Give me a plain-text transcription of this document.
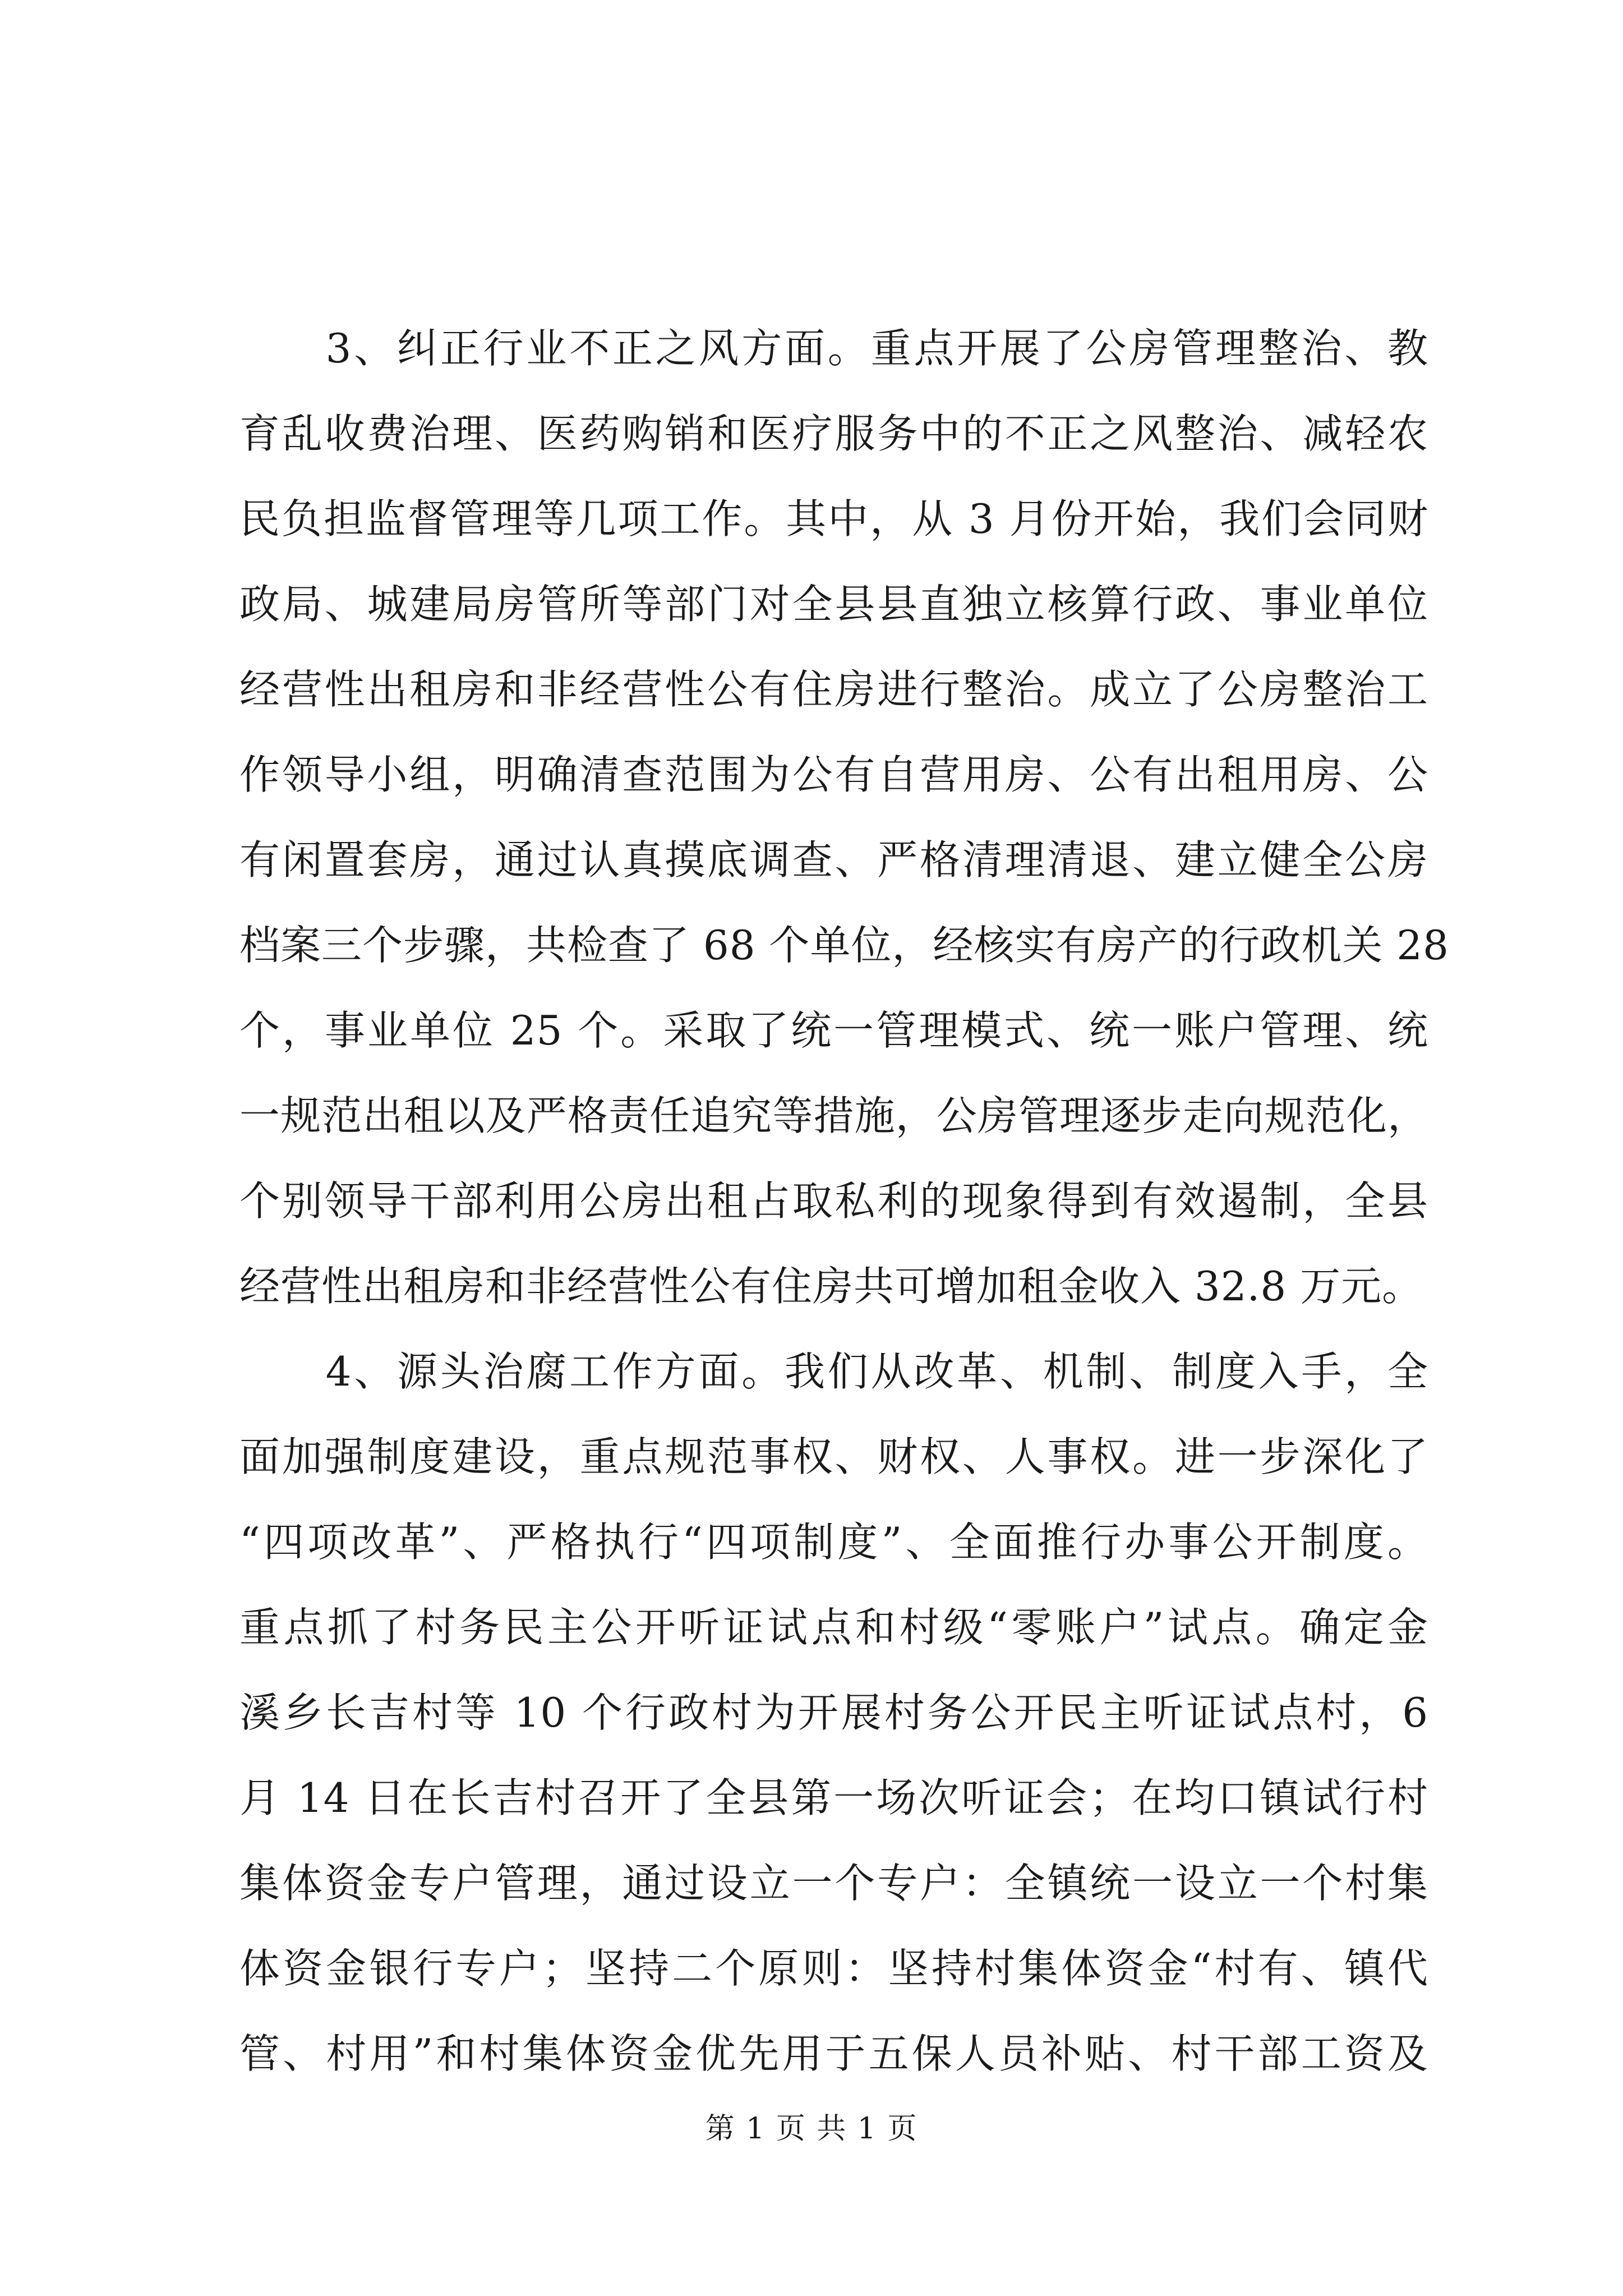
　　3、纠正行业不正之风方面。重点开展了公房管理整治、教
育乱收费治理、医药购销和医疗服务中的不正之风整治、减轻农
民负担监督管理等几项工作。其中，从 3 月份开始，我们会同财
政局、城建局房管所等部门对全县县直独立核算行政、事业单位
经营性出租房和非经营性公有住房进行整治。成立了公房整治工
作领导小组，明确清查范围为公有自营用房、公有出租用房、公
有闲置套房，通过认真摸底调查、严格清理清退、建立健全公房
档案三个步骤，共检查了 68 个单位，经核实有房产的行政机关 28
个，事业单位 25 个。采取了统一管理模式、统一账户管理、统
一规范出租以及严格责任追究等措施，公房管理逐步走向规范化，
个别领导干部利用公房出租占取私利的现象得到有效遏制，全县
经营性出租房和非经营性公有住房共可增加租金收入 32.8 万元。
　　4、源头治腐工作方面。我们从改革、机制、制度入手，全
面加强制度建设，重点规范事权、财权、人事权。进一步深化了
“四项改革”、严格执行“四项制度”、全面推行办事公开制度。
重点抓了村务民主公开听证试点和村级“零账户”试点。确定金
溪乡长吉村等 10 个行政村为开展村务公开民主听证试点村，6
月 14 日在长吉村召开了全县第一场次听证会；在均口镇试行村
集体资金专户管理，通过设立一个专户：全镇统一设立一个村集
体资金银行专户；坚持二个原则：坚持村集体资金“村有、镇代
管、村用”和村集体资金优先用于五保人员补贴、村干部工资及
第 1 页 共 1 页
